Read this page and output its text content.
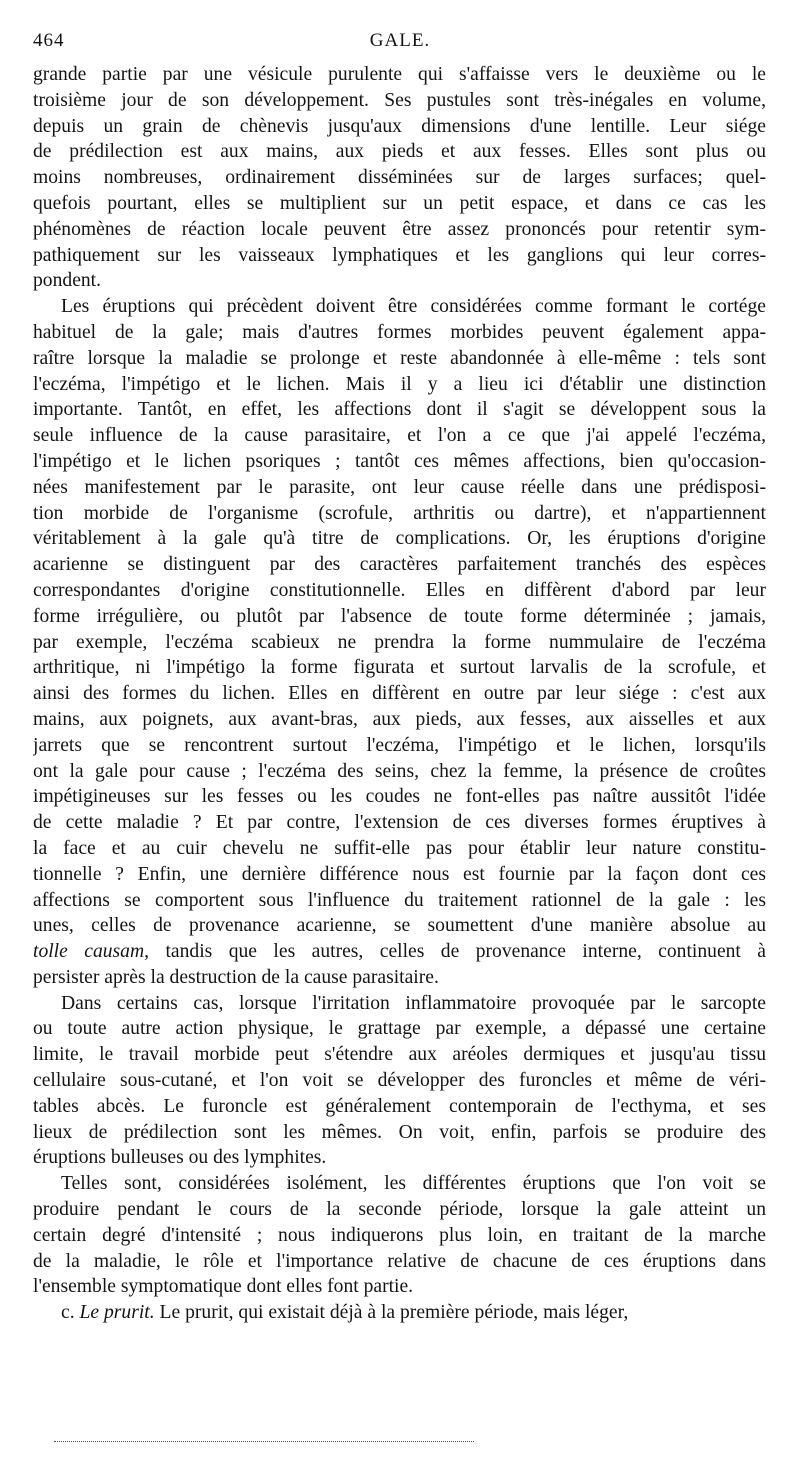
464	GALE.
grande partie par une vésicule purulente qui s'affaisse vers le deuxième ou le
troisième jour de son développement. Ses pustules sont très-inégales en volume,
depuis un grain de chènevis jusqu'aux dimensions d'une lentille. Leur siége
de prédilection est aux mains, aux pieds et aux fesses. Elles sont plus ou
moins nombreuses, ordinairement disséminées sur de larges surfaces; quel-
quefois pourtant, elles se multiplient sur un petit espace, et dans ce cas les
phénomènes de réaction locale peuvent être assez prononcés pour retentir sym-
pathiquement sur les vaisseaux lymphatiques et les ganglions qui leur corres-
pondent.
Les éruptions qui précèdent doivent être considérées comme formant le cortége
habituel de la gale; mais d'autres formes morbides peuvent également appa-
raître lorsque la maladie se prolonge et reste abandonnée à elle-même : tels sont
l'eczéma, l'impétigo et le lichen. Mais il y a lieu ici d'établir une distinction
importante. Tantôt, en effet, les affections dont il s'agit se développent sous la
seule influence de la cause parasitaire, et l'on a ce que j'ai appelé l'eczéma,
l'impétigo et le lichen psoriques ; tantôt ces mêmes affections, bien qu'occasion-
nées manifestement par le parasite, ont leur cause réelle dans une prédisposi-
tion morbide de l'organisme (scrofule, arthritis ou dartre), et n'appartiennent
véritablement à la gale qu'à titre de complications. Or, les éruptions d'origine
acarienne se distinguent par des caractères parfaitement tranchés des espèces
correspondantes d'origine constitutionnelle. Elles en diffèrent d'abord par leur
forme irrégulière, ou plutôt par l'absence de toute forme déterminée ; jamais,
par exemple, l'eczéma scabieux ne prendra la forme nummulaire de l'eczéma
arthritique, ni l'impétigo la forme figurata et surtout larvalis de la scrofule, et
ainsi des formes du lichen. Elles en diffèrent en outre par leur siége : c'est aux
mains, aux poignets, aux avant-bras, aux pieds, aux fesses, aux aisselles et aux
jarrets que se rencontrent surtout l'eczéma, l'impétigo et le lichen, lorsqu'ils
ont la gale pour cause ; l'eczéma des seins, chez la femme, la présence de croûtes
impétigineuses sur les fesses ou les coudes ne font-elles pas naître aussitôt l'idée
de cette maladie ? Et par contre, l'extension de ces diverses formes éruptives à
la face et au cuir chevelu ne suffit-elle pas pour établir leur nature constitu-
tionnelle ? Enfin, une dernière différence nous est fournie par la façon dont ces
affections se comportent sous l'influence du traitement rationnel de la gale : les
unes, celles de provenance acarienne, se soumettent d'une manière absolue au
tolle causam, tandis que les autres, celles de provenance interne, continuent à
persister après la destruction de la cause parasitaire.
Dans certains cas, lorsque l'irritation inflammatoire provoquée par le sarcopte
ou toute autre action physique, le grattage par exemple, a dépassé une certaine
limite, le travail morbide peut s'étendre aux aréoles dermiques et jusqu'au tissu
cellulaire sous-cutané, et l'on voit se développer des furoncles et même de véri-
tables abcès. Le furoncle est généralement contemporain de l'ecthyma, et ses
lieux de prédilection sont les mêmes. On voit, enfin, parfois se produire des
éruptions bulleuses ou des lymphites.
Telles sont, considérées isolément, les différentes éruptions que l'on voit se
produire pendant le cours de la seconde période, lorsque la gale atteint un
certain degré d'intensité ; nous indiquerons plus loin, en traitant de la marche
de la maladie, le rôle et l'importance relative de chacune de ces éruptions dans
l'ensemble symptomatique dont elles font partie.
c. Le prurit. Le prurit, qui existait déjà à la première période, mais léger,
